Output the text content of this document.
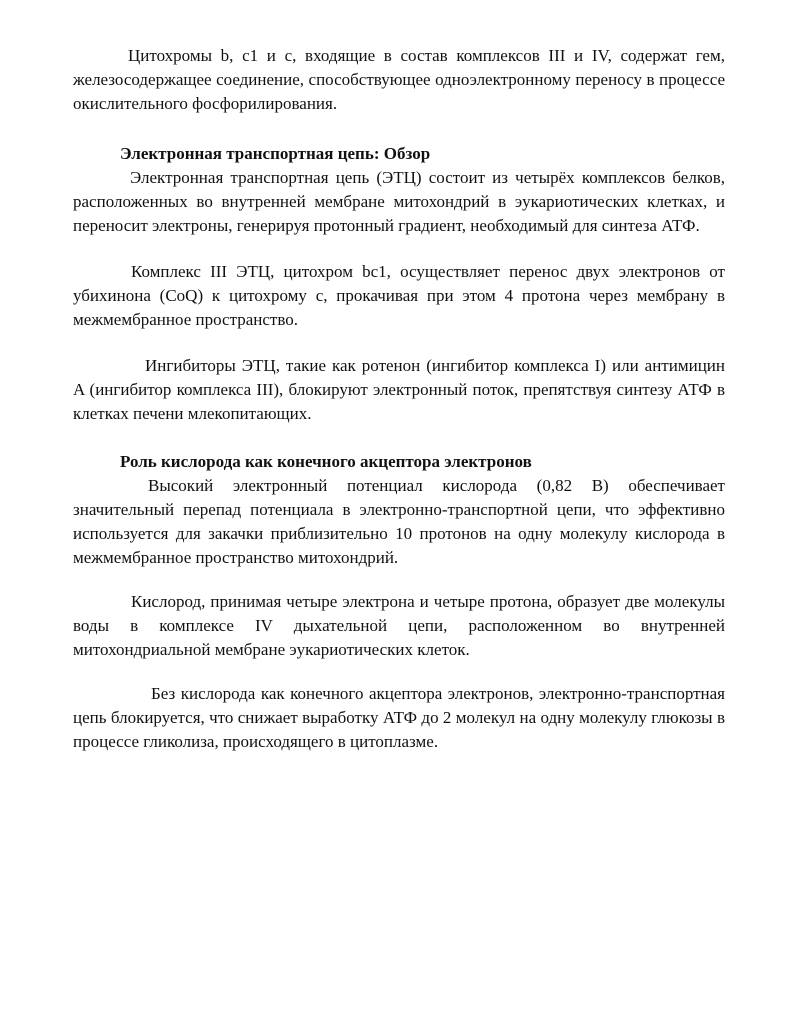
Цитохромы b, c1 и c, входящие в состав комплексов III и IV, содержат гем, железосодержащее соединение, способствующее одноэлектронному переносу в процессе окислительного фосфорилирования.

Электронная транспортная цепь: Обзор

Электронная транспортная цепь (ЭТЦ) состоит из четырёх комплексов белков, расположенных во внутренней мембране митохондрий в эукариотических клетках, и переносит электроны, генерируя протонный градиент, необходимый для синтеза АТФ.

Комплекс III ЭТЦ, цитохром bc1, осуществляет перенос двух электронов от убихинона (CoQ) к цитохрому c, прокачивая при этом 4 протона через мембрану в межмембранное пространство.

Ингибиторы ЭТЦ, такие как ротенон (ингибитор комплекса I) или антимицин A (ингибитор комплекса III), блокируют электронный поток, препятствуя синтезу АТФ в клетках печени млекопитающих.

Роль кислорода как конечного акцептора электронов

Высокий электронный потенциал кислорода (0,82 В) обеспечивает значительный перепад потенциала в электронно-транспортной цепи, что эффективно используется для закачки приблизительно 10 протонов на одну молекулу кислорода в межмембранное пространство митохондрий.

Кислород, принимая четыре электрона и четыре протона, образует две молекулы воды в комплексе IV дыхательной цепи, расположенном во внутренней митохондриальной мембране эукариотических клеток.

Без кислорода как конечного акцептора электронов, электронно-транспортная цепь блокируется, что снижает выработку АТФ до 2 молекул на одну молекулу глюкозы в процессе гликолиза, происходящего в цитоплазме.
